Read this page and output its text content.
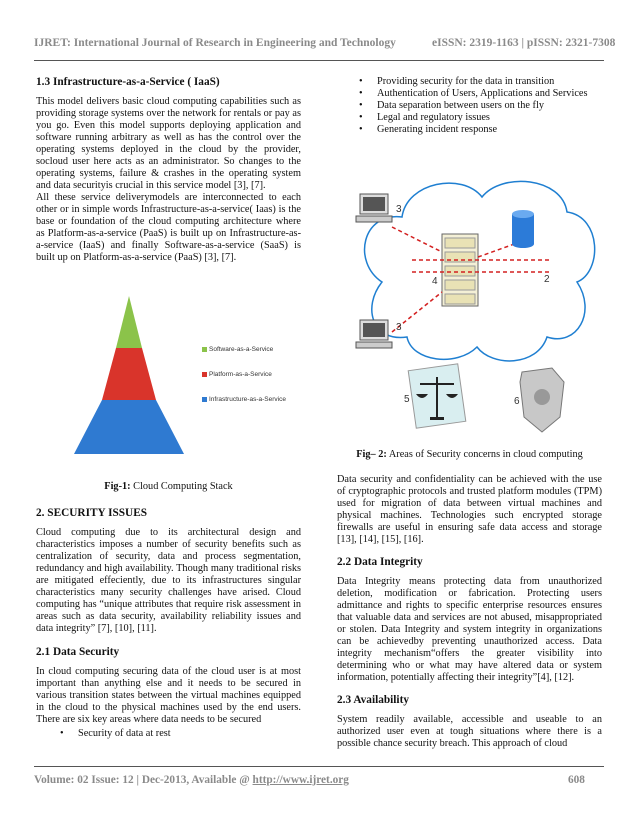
IJRET: International Journal of Research in Engineering and Technology	eISSN: 2319-1163 | pISSN: 2321-7308

1.3 Infrastructure-as-a-Service ( IaaS)

This model delivers basic cloud computing capabilities such as providing storage systems over the network for rentals or pay as you go. Even this model supports deploying application and software running arbitrary as well as has the control over the operating systems deployed in the cloud by the provider, socloud user here acts as an administrator. So changes to the operating systems, failure & crashes in the operating system and data securityis crucial in this service model [3], [7].

All these service deliverymodels are interconnected to each other or in simple words Infrastructure-as-a-service( Iaas) is the base or foundation of the cloud computing architecture where as Platform-as-a-service (PaaS) is built up on Infrastructure-as-a-service (IaaS) and finally Software-as-a-service (SaaS) is built up on Platform-as-a-service (PaaS) [3], [7].

Software-as-a-Service
Platform-as-a-Service
Infrastructure-as-a-Service
Fig-1: Cloud Computing Stack

2. SECURITY ISSUES

Cloud computing due to its architectural design and characteristics imposes a number of security benefits such as centralization of security, data and process segmentation, redundancy and high availability. Though many traditional risks are mitigated effeciently, due to its infrastructures singular characteristics many security challenges have arised. Cloud computing has “unique attributes that require risk assessment in areas such as data security, availability reliability issues and data integrity” [7], [10], [11].

2.1 Data Security

In cloud computing securing data of the cloud user is at most important than anything else and it needs to be secured in various transition states between the virtual machines equipped in the cloud to the physical machines used by the end users. There are six key areas where data needs to be secured

• Security of data at rest
• Providing security for the data in transition
• Authentication of Users, Applications and Services
• Data separation between users on the fly
• Legal and regulatory issues
• Generating incident response
3
2
4
3
5	6
Fig– 2: Areas of Security concerns in cloud computing

Data security and confidentiality can be achieved with the use of cryptographic protocols and trusted platform modules (TPM) used for migration of data between virtual machines and physical machines. Technologies such encrypted storage firewalls are useful in ensuring safe data access and storage [13], [14], [15], [16].

2.2 Data Integrity

Data Integrity means protecting data from unauthorized deletion, modification or fabrication. Protecting users admittance and rights to specific enterprise resources ensures that valuable data and services are not abused, misappropriated or stolen. Data Integrity and system integrity in organizations can be achievedby preventing unauthorized access. Data integrity mechanism“offers the greater visibility into determining who or what may have altered data or system information, potentially affecting their integrity”[4], [12].

2.3 Availability

System readily available, accessible and useable to an authorized user even at tough situations where there is a possible chance security breach. This approach of cloud

Volume: 02 Issue: 12 | Dec-2013, Available @ http://www.ijret.org	608
